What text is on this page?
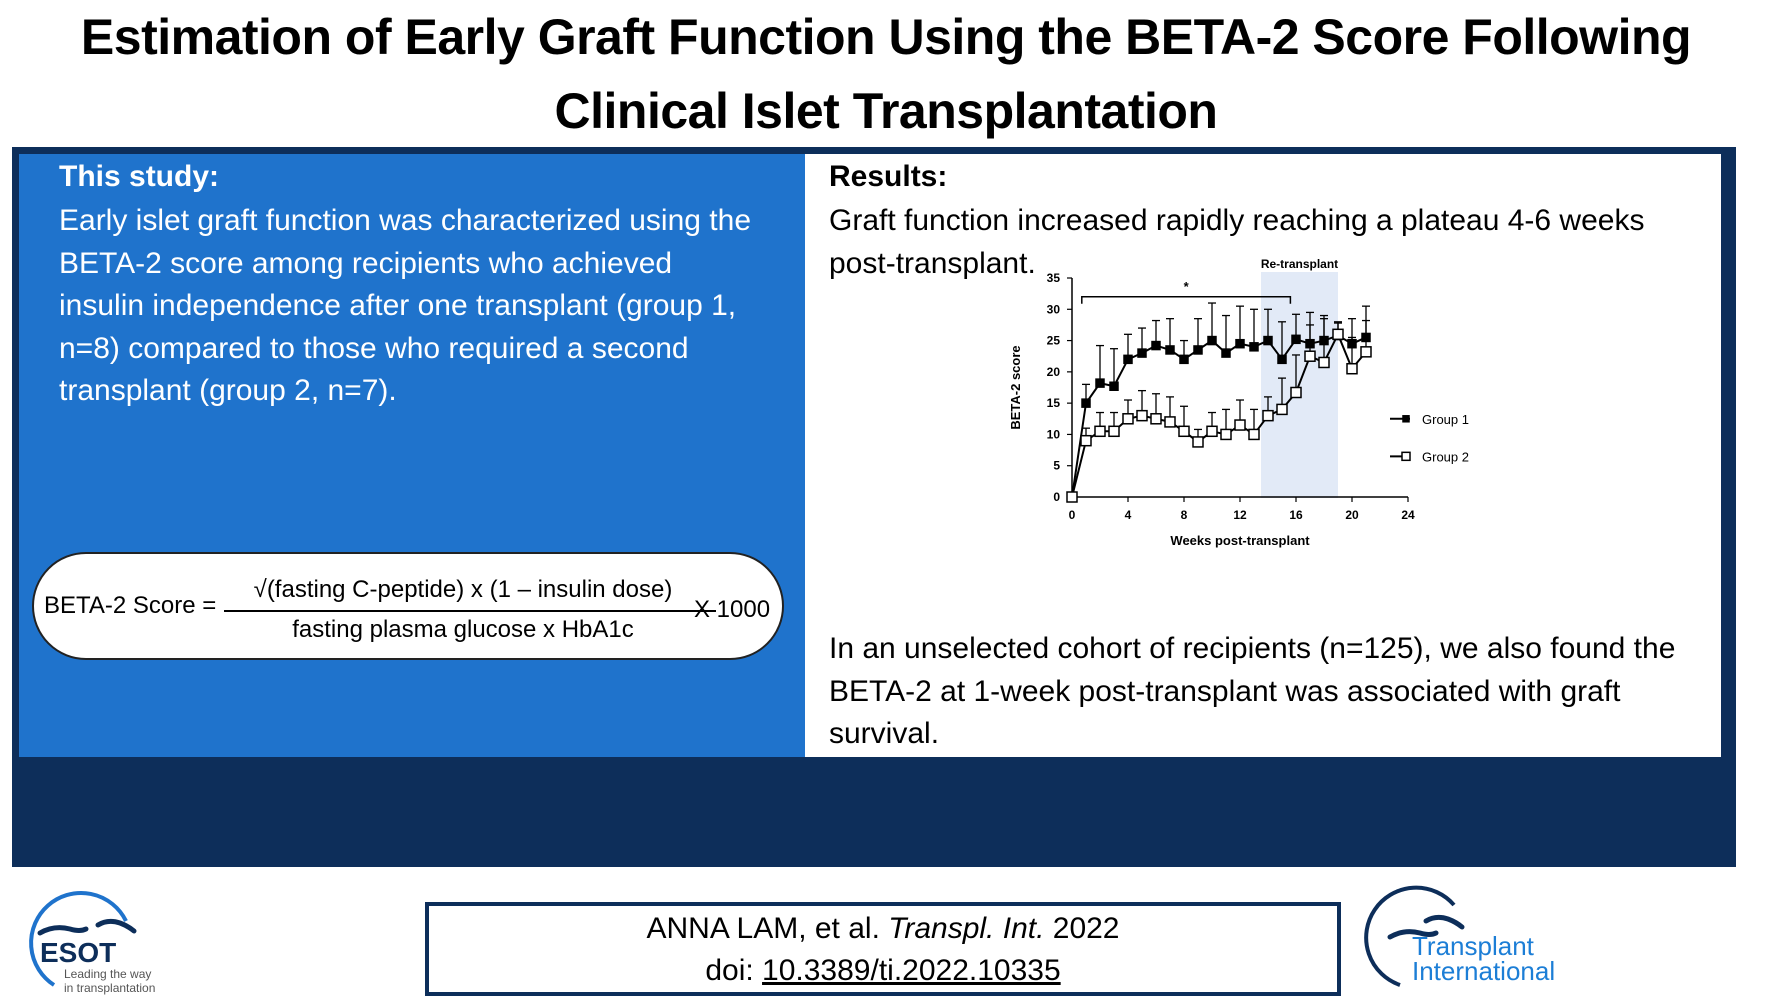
Estimation of Early Graft Function Using the BETA-2 Score Following
Clinical Islet Transplantation
This study:
Early islet graft function was characterized using the BETA-2 score among recipients who achieved insulin independence after one transplant (group 1, n=8) compared to those who required a second transplant (group 2, n=7).
BETA-2 Score =
√(fasting C-peptide) x (1 – insulin dose)
fasting plasma glucose x HbA1c
X 1000
Results:
Graft function increased rapidly reaching a plateau 4-6 weeks post-transplant.	Re-transplant
0	4	8	12	16	20	24
0
5
10
15
20
25
30
35
Weeks post-transplant
BETA-2 score
*
Group 1
Group 2
In an unselected cohort of recipients (n=125), we also found the BETA-2 at 1-week post-transplant was associated with graft survival.
ESOT
Leading the way
in transplantation
ANNA LAM, et al. Transpl. Int. 2022
doi: 10.3389/ti.2022.10335
Transplant
International
